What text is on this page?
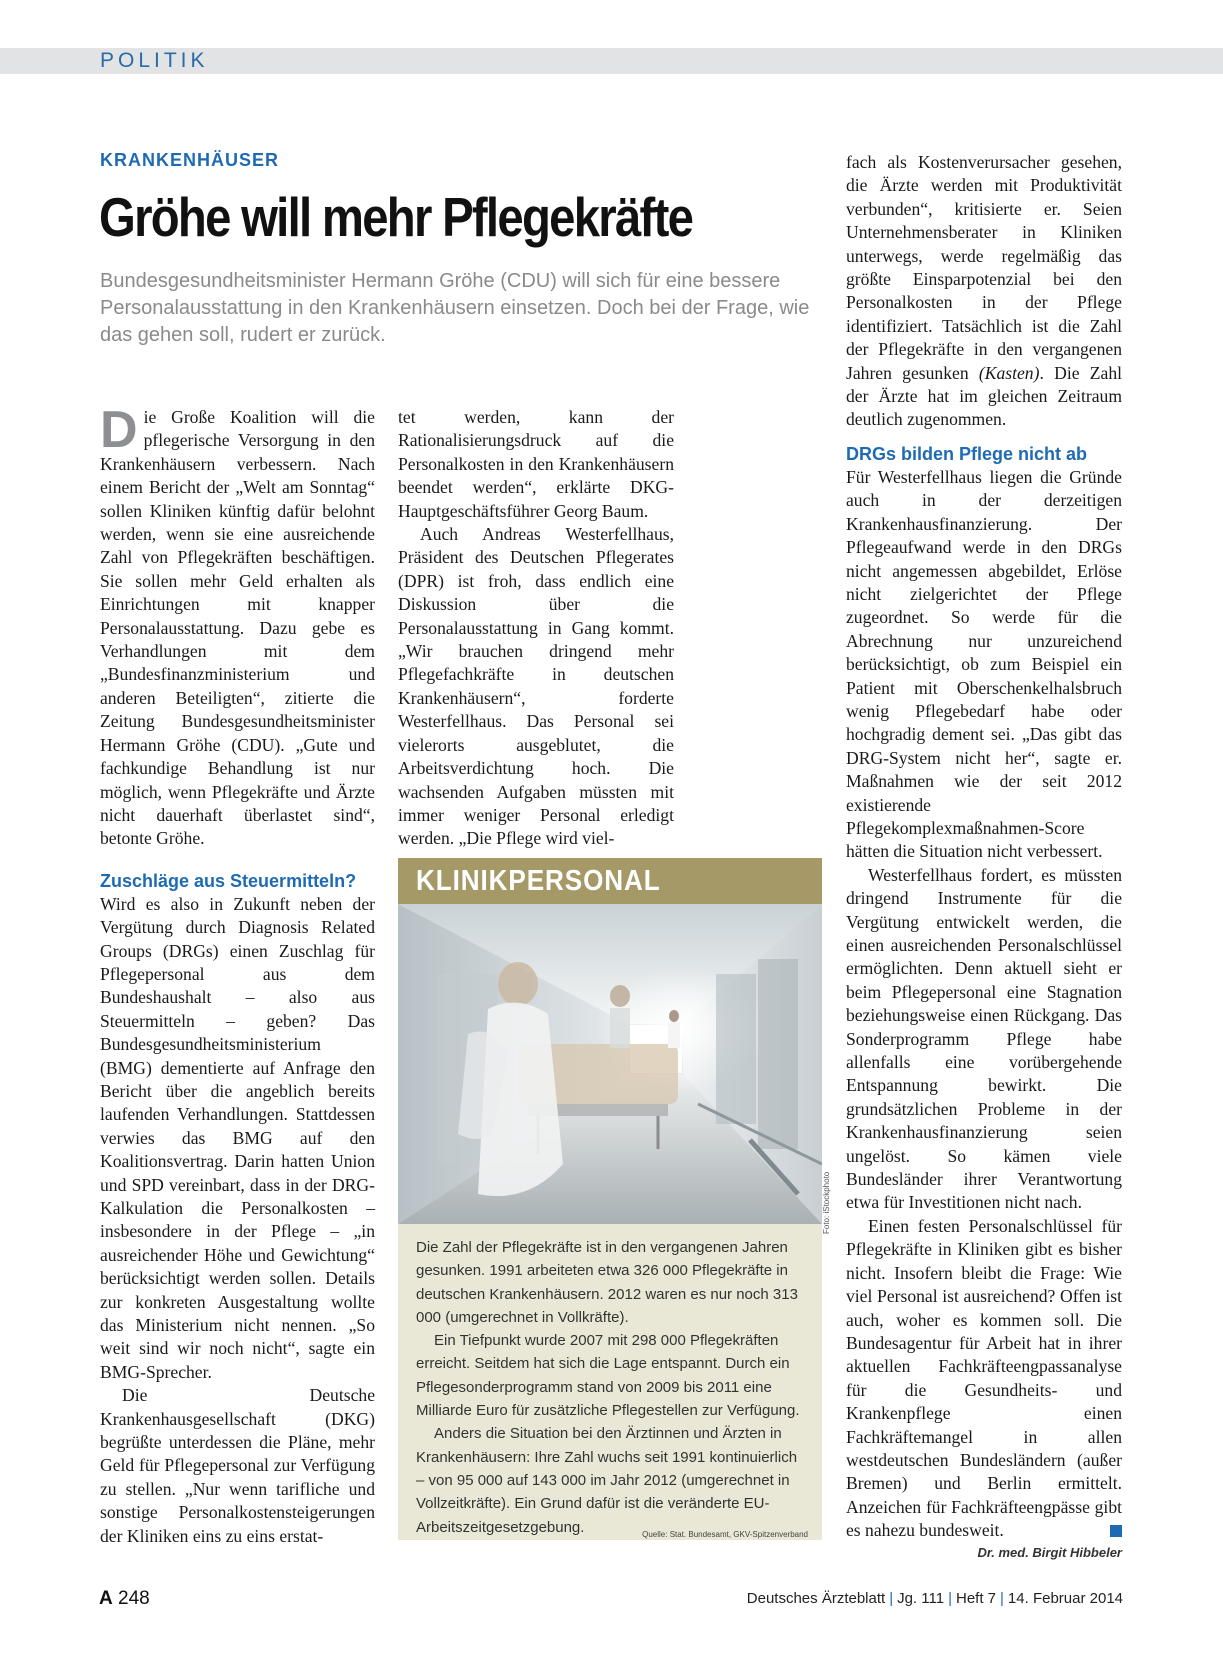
POLITIK
KRANKENHÄUSER
Gröhe will mehr Pflegekräfte
Bundesgesundheitsminister Hermann Gröhe (CDU) will sich für eine bessere Personalausstattung in den Krankenhäusern einsetzen. Doch bei der Frage, wie das gehen soll, rudert er zurück.

Die Große Koalition will die pflegerische Versorgung in den Krankenhäusern verbessern. Nach einem Bericht der „Welt am Sonntag“ sollen Kliniken künftig dafür belohnt werden, wenn sie eine ausreichende Zahl von Pflegekräften beschäftigen. Sie sollen mehr Geld erhalten als Einrichtungen mit knapper Personalausstattung. Dazu gebe es Verhandlungen mit dem „Bundesfinanzministerium und anderen Beteiligten“, zitierte die Zeitung Bundesgesundheitsminister Hermann Gröhe (CDU). „Gute und fachkundige Behandlung ist nur möglich, wenn Pflegekräfte und Ärzte nicht dauerhaft überlastet sind“, betonte Gröhe.

Zuschläge aus Steuermitteln?

Wird es also in Zukunft neben der Vergütung durch Diagnosis Related Groups (DRGs) einen Zuschlag für Pflegepersonal aus dem Bundeshaushalt – also aus Steuermitteln – geben? Das Bundesgesundheitsministerium (BMG) dementierte auf Anfrage den Bericht über die angeblich bereits laufenden Verhandlungen. Stattdessen verwies das BMG auf den Koalitionsvertrag. Darin hatten Union und SPD vereinbart, dass in der DRG-Kalkulation die Personalkosten – insbesondere in der Pflege – „in ausreichender Höhe und Gewichtung“ berücksichtigt werden sollen. Details zur konkreten Ausgestaltung wollte das Ministerium nicht nennen. „So weit sind wir noch nicht“, sagte ein BMG-Sprecher.

Die Deutsche Krankenhausgesellschaft (DKG) begrüßte unterdessen die Pläne, mehr Geld für Pflegepersonal zur Verfügung zu stellen. „Nur wenn tarifliche und sonstige Personalkostensteigerungen der Kliniken eins zu eins erstat-

tet werden, kann der Rationalisierungsdruck auf die Personalkosten in den Krankenhäusern beendet werden“, erklärte DKG-Hauptgeschäftsführer Georg Baum.

Auch Andreas Westerfellhaus, Präsident des Deutschen Pflegerates (DPR) ist froh, dass endlich eine Diskussion über die Personalausstattung in Gang kommt. „Wir brauchen dringend mehr Pflegefachkräfte in deutschen Krankenhäusern“, forderte Westerfellhaus. Das Personal sei vielerorts ausgeblutet, die Arbeitsverdichtung hoch. Die wachsenden Aufgaben müssten mit immer weniger Personal erledigt werden. „Die Pflege wird viel-

fach als Kostenverursacher gesehen, die Ärzte werden mit Produktivität verbunden“, kritisierte er. Seien Unternehmensberater in Kliniken unterwegs, werde regelmäßig das größte Einsparpotenzial bei den Personalkosten in der Pflege identifiziert. Tatsächlich ist die Zahl der Pflegekräfte in den vergangenen Jahren gesunken (Kasten). Die Zahl der Ärzte hat im gleichen Zeitraum deutlich zugenommen.

DRGs bilden Pflege nicht ab

Für Westerfellhaus liegen die Gründe auch in der derzeitigen Krankenhausfinanzierung. Der Pflegeaufwand werde in den DRGs nicht angemessen abgebildet, Erlöse nicht zielgerichtet der Pflege zugeordnet. So werde für die Abrechnung nur unzureichend berücksichtigt, ob zum Beispiel ein Patient mit Oberschenkelhalsbruch wenig Pflegebedarf habe oder hochgradig dement sei. „Das gibt das DRG-System nicht her“, sagte er. Maßnahmen wie der seit 2012 existierende Pflegekomplexmaßnahmen-Score hätten die Situation nicht verbessert.

Westerfellhaus fordert, es müssten dringend Instrumente für die Vergütung entwickelt werden, die einen ausreichenden Personalschlüssel ermöglichten. Denn aktuell sieht er beim Pflegepersonal eine Stagnation beziehungsweise einen Rückgang. Das Sonderprogramm Pflege habe allenfalls eine vorübergehende Entspannung bewirkt. Die grundsätzlichen Probleme in der Krankenhausfinanzierung seien ungelöst. So kämen viele Bundesländer ihrer Verantwortung etwa für Investitionen nicht nach.

Einen festen Personalschlüssel für Pflegekräfte in Kliniken gibt es bisher nicht. Insofern bleibt die Frage: Wie viel Personal ist ausreichend? Offen ist auch, woher es kommen soll. Die Bundesagentur für Arbeit hat in ihrer aktuellen Fachkräfteengpassanalyse für die Gesundheits- und Krankenpflege einen Fachkräftemangel in allen westdeutschen Bundesländern (außer Bremen) und Berlin ermittelt. Anzeichen für Fachkräfteengpässe gibt es nahezu bundesweit.

Dr. med. Birgit Hibbeler
KLINIKPERSONAL

Die Zahl der Pflegekräfte ist in den vergangenen Jahren gesunken. 1991 arbeiteten etwa 326 000 Pflegekräfte in deutschen Krankenhäusern. 2012 waren es nur noch 313 000 (umgerechnet in Vollkräfte).

Ein Tiefpunkt wurde 2007 mit 298 000 Pflegekräften erreicht. Seitdem hat sich die Lage entspannt. Durch ein Pflegesonderprogramm stand von 2009 bis 2011 eine Milliarde Euro für zusätzliche Pflegestellen zur Verfügung.

Anders die Situation bei den Ärztinnen und Ärzten in Krankenhäusern: Ihre Zahl wuchs seit 1991 kontinuierlich – von 95 000 auf 143 000 im Jahr 2012 (umgerechnet in Vollzeitkräfte). Ein Grund dafür ist die veränderte EU-Arbeitszeitgesetzgebung.	Quelle: Stat. Bundesamt, GKV-Spitzenverband

Foto: iStockphoto
A 248	Deutsches Ärzteblatt | Jg. 111 | Heft 7 | 14. Februar 2014
